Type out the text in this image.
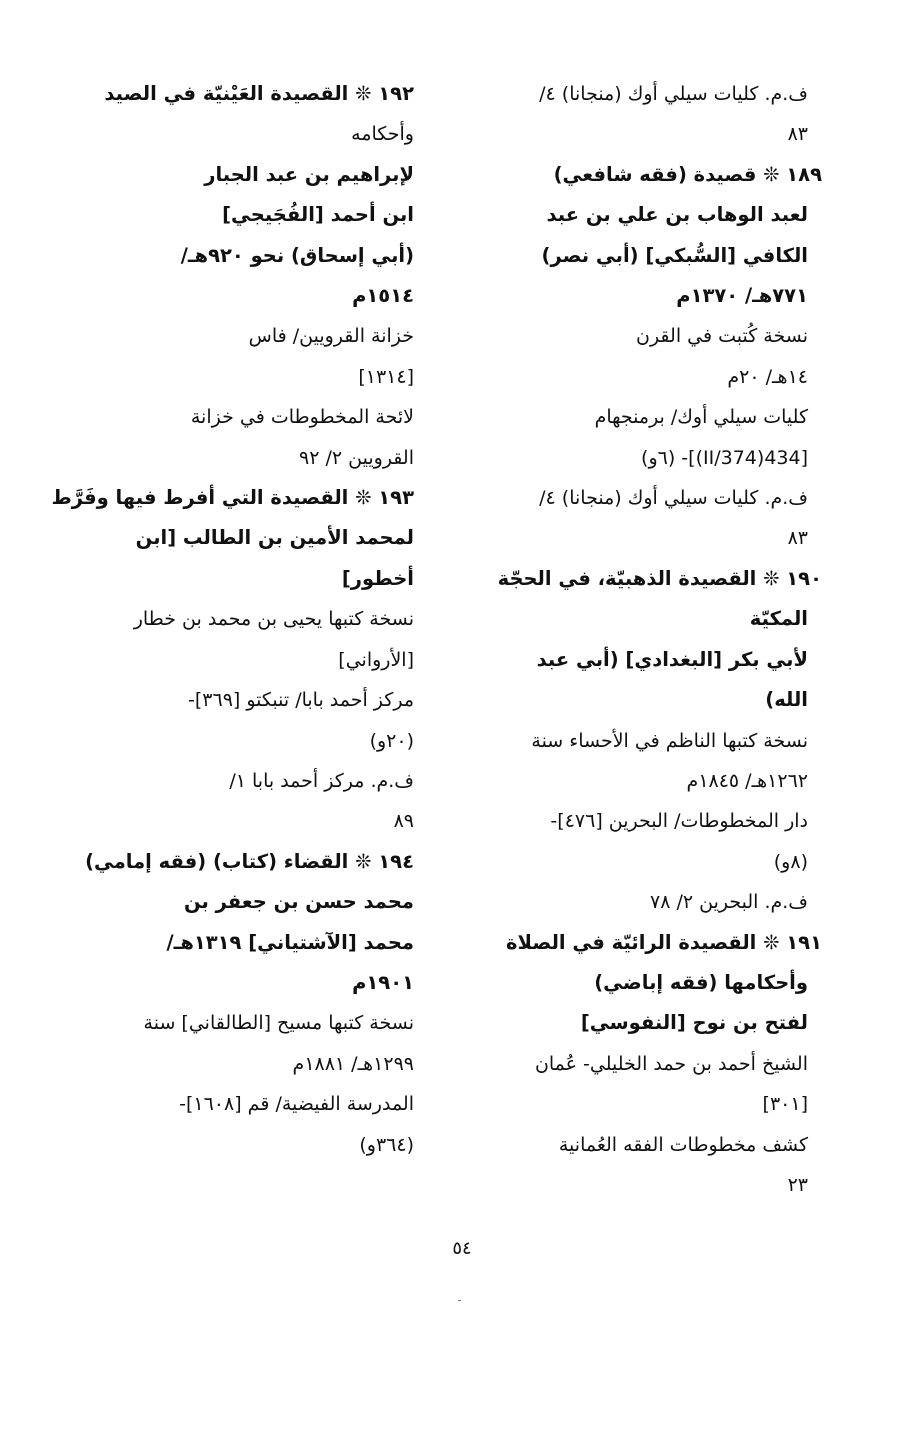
ف.م. كليات سيلي أوك (منجانا) ٤/
٨٣
١٨٩ ❊ قصيدة (فقه شافعي)
لعبد الوهاب بن علي بن عبد
الكافي [السُّبكي] (أبي نصر)
٧٧١هـ/ ١٣٧٠م
نسخة كُتبت في القرن
١٤هـ/ ٢٠م
كليات سيلي أوك/ برمنجهام
[434(374/II)]- (٦و)
ف.م. كليات سيلي أوك (منجانا) ٤/
٨٣
١٩٠ ❊ القصيدة الذهبيّة، في الحجّة
المكيّة
لأبي بكر [البغدادي] (أبي عبد
الله)
نسخة كتبها الناظم في الأحساء سنة
١٢٦٢هـ/ ١٨٤٥م
دار المخطوطات/ البحرين [٤٧٦]-
(٨و)
ف.م. البحرين ٢/ ٧٨
١٩١ ❊ القصيدة الرائيّة في الصلاة
وأحكامها (فقه إباضي)
لفتح بن نوح [النفوسي]
الشيخ أحمد بن حمد الخليلي- عُمان
[٣٠١]
كشف مخطوطات الفقه العُمانية
٢٣
١٩٢ ❊ القصيدة العَيْنيّة في الصيد
وأحكامه
لإبراهيم بن عبد الجبار
ابن أحمد [الفُجَيجي]
(أبي إسحاق) نحو ٩٢٠هـ/
١٥١٤م
خزانة القرويين/ فاس
[١٣١٤]
لائحة المخطوطات في خزانة
القرويين ٢/ ٩٢
١٩٣ ❊ القصيدة التي أفرط فيها وفَرَّط
لمحمد الأمين بن الطالب [ابن
أخطور]
نسخة كتبها يحيى بن محمد بن خطار
[الأرواني]
مركز أحمد بابا/ تنبكتو [٣٦٩]-
(٢٠و)
ف.م. مركز أحمد بابا ١/
٨٩
١٩٤ ❊ القضاء (كتاب) (فقه إمامي)
محمد حسن بن جعفر بن
محمد [الآشتياني] ١٣١٩هـ/
١٩٠١م
نسخة كتبها مسيح [الطالقاني] سنة
١٢٩٩هـ/ ١٨٨١م
المدرسة الفيضية/ قم [١٦٠٨]-
(٣٦٤و)
٥٤
